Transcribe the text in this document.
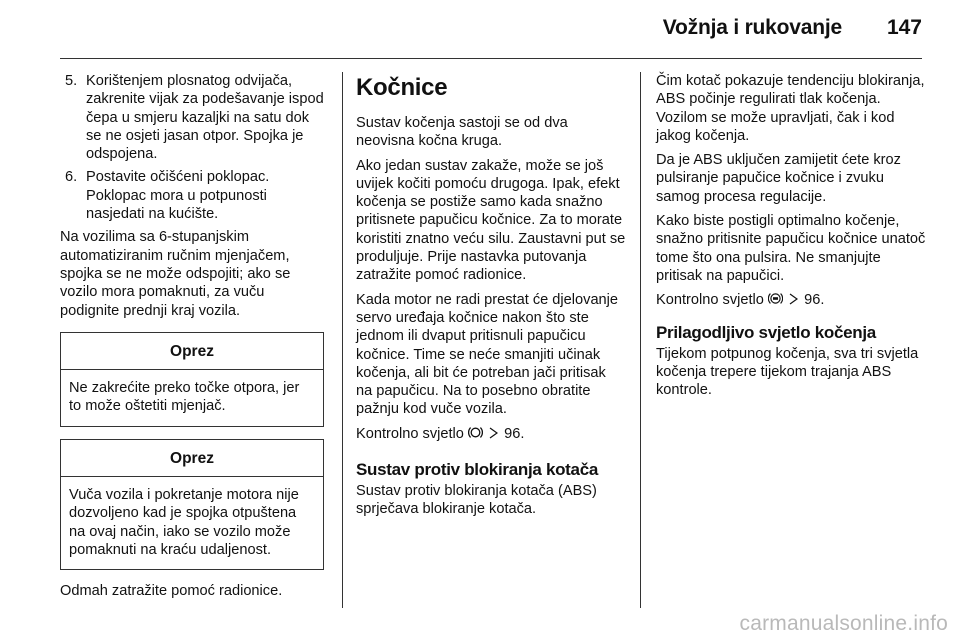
Vožnja i rukovanje 147
5. Korištenjem plosnatog odvijača, zakrenite vijak za podešavanje ispod čepa u smjeru kazaljki na satu dok se ne osjeti jasan otpor. Spojka je odspojena.
6. Postavite očišćeni poklopac. Poklopac mora u potpunosti nasjedati na kućište.

Na vozilima sa 6-stupanjskim automatiziranim ručnim mjenjačem, spojka se ne može odspojiti; ako se vozilo mora pomaknuti, za vuču podignite prednji kraj vozila.

Oprez
Ne zakrećite preko točke otpora, jer to može oštetiti mjenjač.
Oprez
Vuča vozila i pokretanje motora nije dozvoljeno kad je spojka otpuštena na ovaj način, iako se vozilo može pomaknuti na kraću udaljenost.

Odmah zatražite pomoć radionice.

Kočnice

Sustav kočenja sastoji se od dva neovisna kočna kruga.

Ako jedan sustav zakaže, može se još uvijek kočiti pomoću drugoga. Ipak, efekt kočenja se postiže samo kada snažno pritisnete papučicu kočnice. Za to morate koristiti znatno veću silu. Zaustavni put se produljuje. Prije nastavka putovanja zatražite pomoć radionice.

Kada motor ne radi prestat će djelovanje servo uređaja kočnice nakon što ste jednom ili dvaput pritisnuli papučicu kočnice. Time se neće smanjiti učinak kočenja, ali bit će potreban jači pritisak na papučicu. Na to posebno obratite pažnju kod vuče vozila.

Kontrolno svjetlo	96.

Sustav protiv blokiranja kotača

Sustav protiv blokiranja kotača (ABS) sprječava blokiranje kotača.

Čim kotač pokazuje tendenciju blokiranja, ABS počinje regulirati tlak kočenja. Vozilom se može upravljati, čak i kod jakog kočenja.

Da je ABS uključen zamijetit ćete kroz pulsiranje papučice kočnice i zvuku samog procesa regulacije.

Kako biste postigli optimalno kočenje, snažno pritisnite papučicu kočnice unatoč tome što ona pulsira. Ne smanjujte pritisak na papučici.

Kontrolno svjetlo	96.

Prilagodljivo svjetlo kočenja

Tijekom potpunog kočenja, sva tri svjetla kočenja trepere tijekom trajanja ABS kontrole.

carmanualsonline.info
